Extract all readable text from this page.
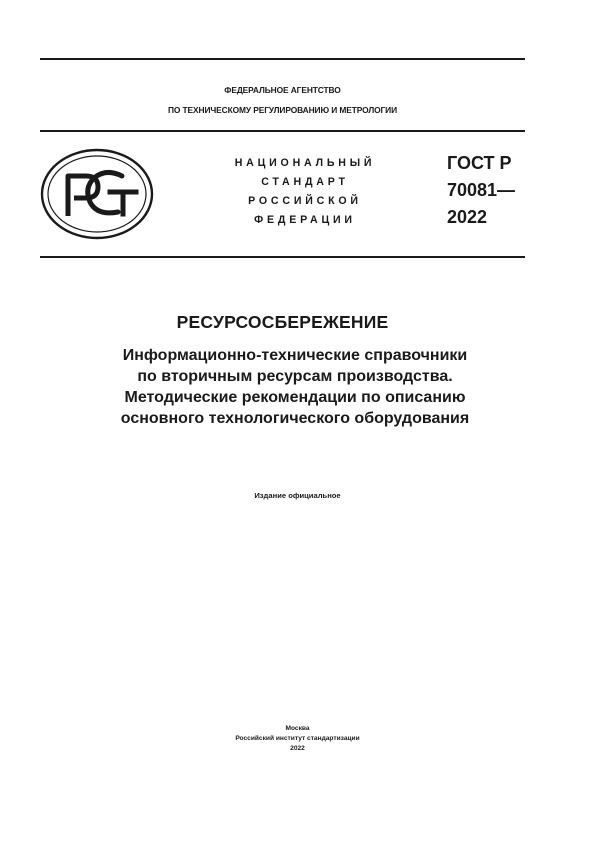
ФЕДЕРАЛЬНОЕ АГЕНТСТВО
ПО ТЕХНИЧЕСКОМУ РЕГУЛИРОВАНИЮ И МЕТРОЛОГИИ
НАЦИОНАЛЬНЫЙ
СТАНДАРТ
РОССИЙСКОЙ
ФЕДЕРАЦИИ
ГОСТ Р
70081—
2022
РЕСУРСОСБЕРЕЖЕНИЕ
Информационно-технические справочники
по вторичным ресурсам производства.
Методические рекомендации по описанию
основного технологического оборудования
Издание официальное
Москва
Российский институт стандартизации
2022
